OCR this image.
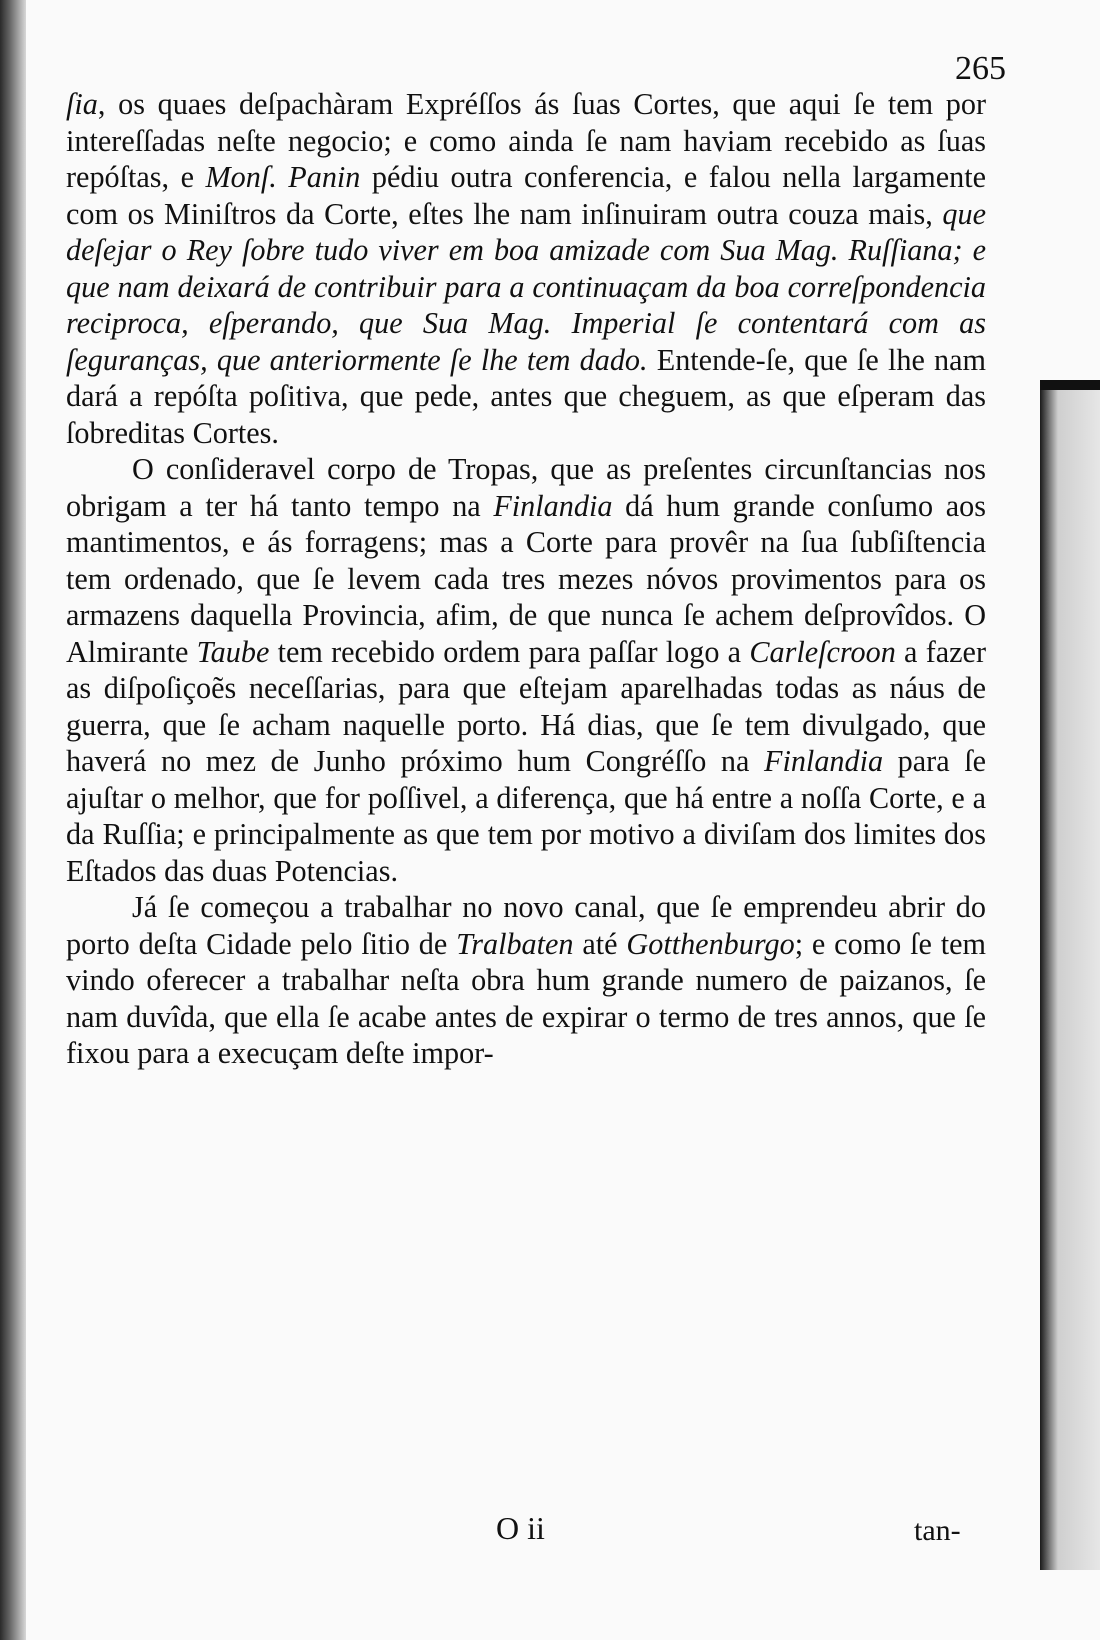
265

ſia, os quaes deſpachàram Expréſſos ás ſuas Cortes, que aqui ſe tem por intereſſadas neſte negocio; e como ainda ſe nam haviam recebido as ſuas repóſtas, e Monſ. Panin pédiu outra conferencia, e falou nella largamente com os Miniſtros da Corte, eſtes lhe nam inſinuiram outra couza mais, que deſejar o Rey ſobre tudo viver em boa amizade com Sua Mag. Ruſſiana; e que nam deixará de contribuir para a continuaçam da boa correſpondencia reciproca, eſperando, que Sua Mag. Imperial ſe contentará com as ſeguranças, que anteriormente ſe lhe tem dado. Entende-ſe, que ſe lhe nam dará a repóſta poſitiva, que pede, antes que cheguem, as que eſperam das ſobreditas Cortes.

O conſideravel corpo de Tropas, que as preſentes circunſtancias nos obrigam a ter há tanto tempo na Finlandia dá hum grande conſumo aos mantimentos, e ás forragens; mas a Corte para provêr na ſua ſubſiſtencia tem ordenado, que ſe levem cada tres mezes nóvos provimentos para os armazens daquella Provincia, afim, de que nunca ſe achem deſprovîdos. O Almirante Taube tem recebido ordem para paſſar logo a Carleſcroon a fazer as diſpoſiçoẽs neceſſarias, para que eſtejam aparelhadas todas as náus de guerra, que ſe acham naquelle porto. Há dias, que ſe tem divulgado, que haverá no mez de Junho próximo hum Congréſſo na Finlandia para ſe ajuſtar o melhor, que for poſſivel, a diferença, que há entre a noſſa Corte, e a da Ruſſia; e principalmente as que tem por motivo a diviſam dos limites dos Eſtados das duas Potencias.

Já ſe começou a trabalhar no novo canal, que ſe emprendeu abrir do porto deſta Cidade pelo ſitio de Tralbaten até Gotthenburgo; e como ſe tem vindo oferecer a trabalhar neſta obra hum grande numero de paizanos, ſe nam duvîda, que ella ſe acabe antes de expirar o termo de tres annos, que ſe fixou para a execuçam deſte impor-

O ii	tan-
